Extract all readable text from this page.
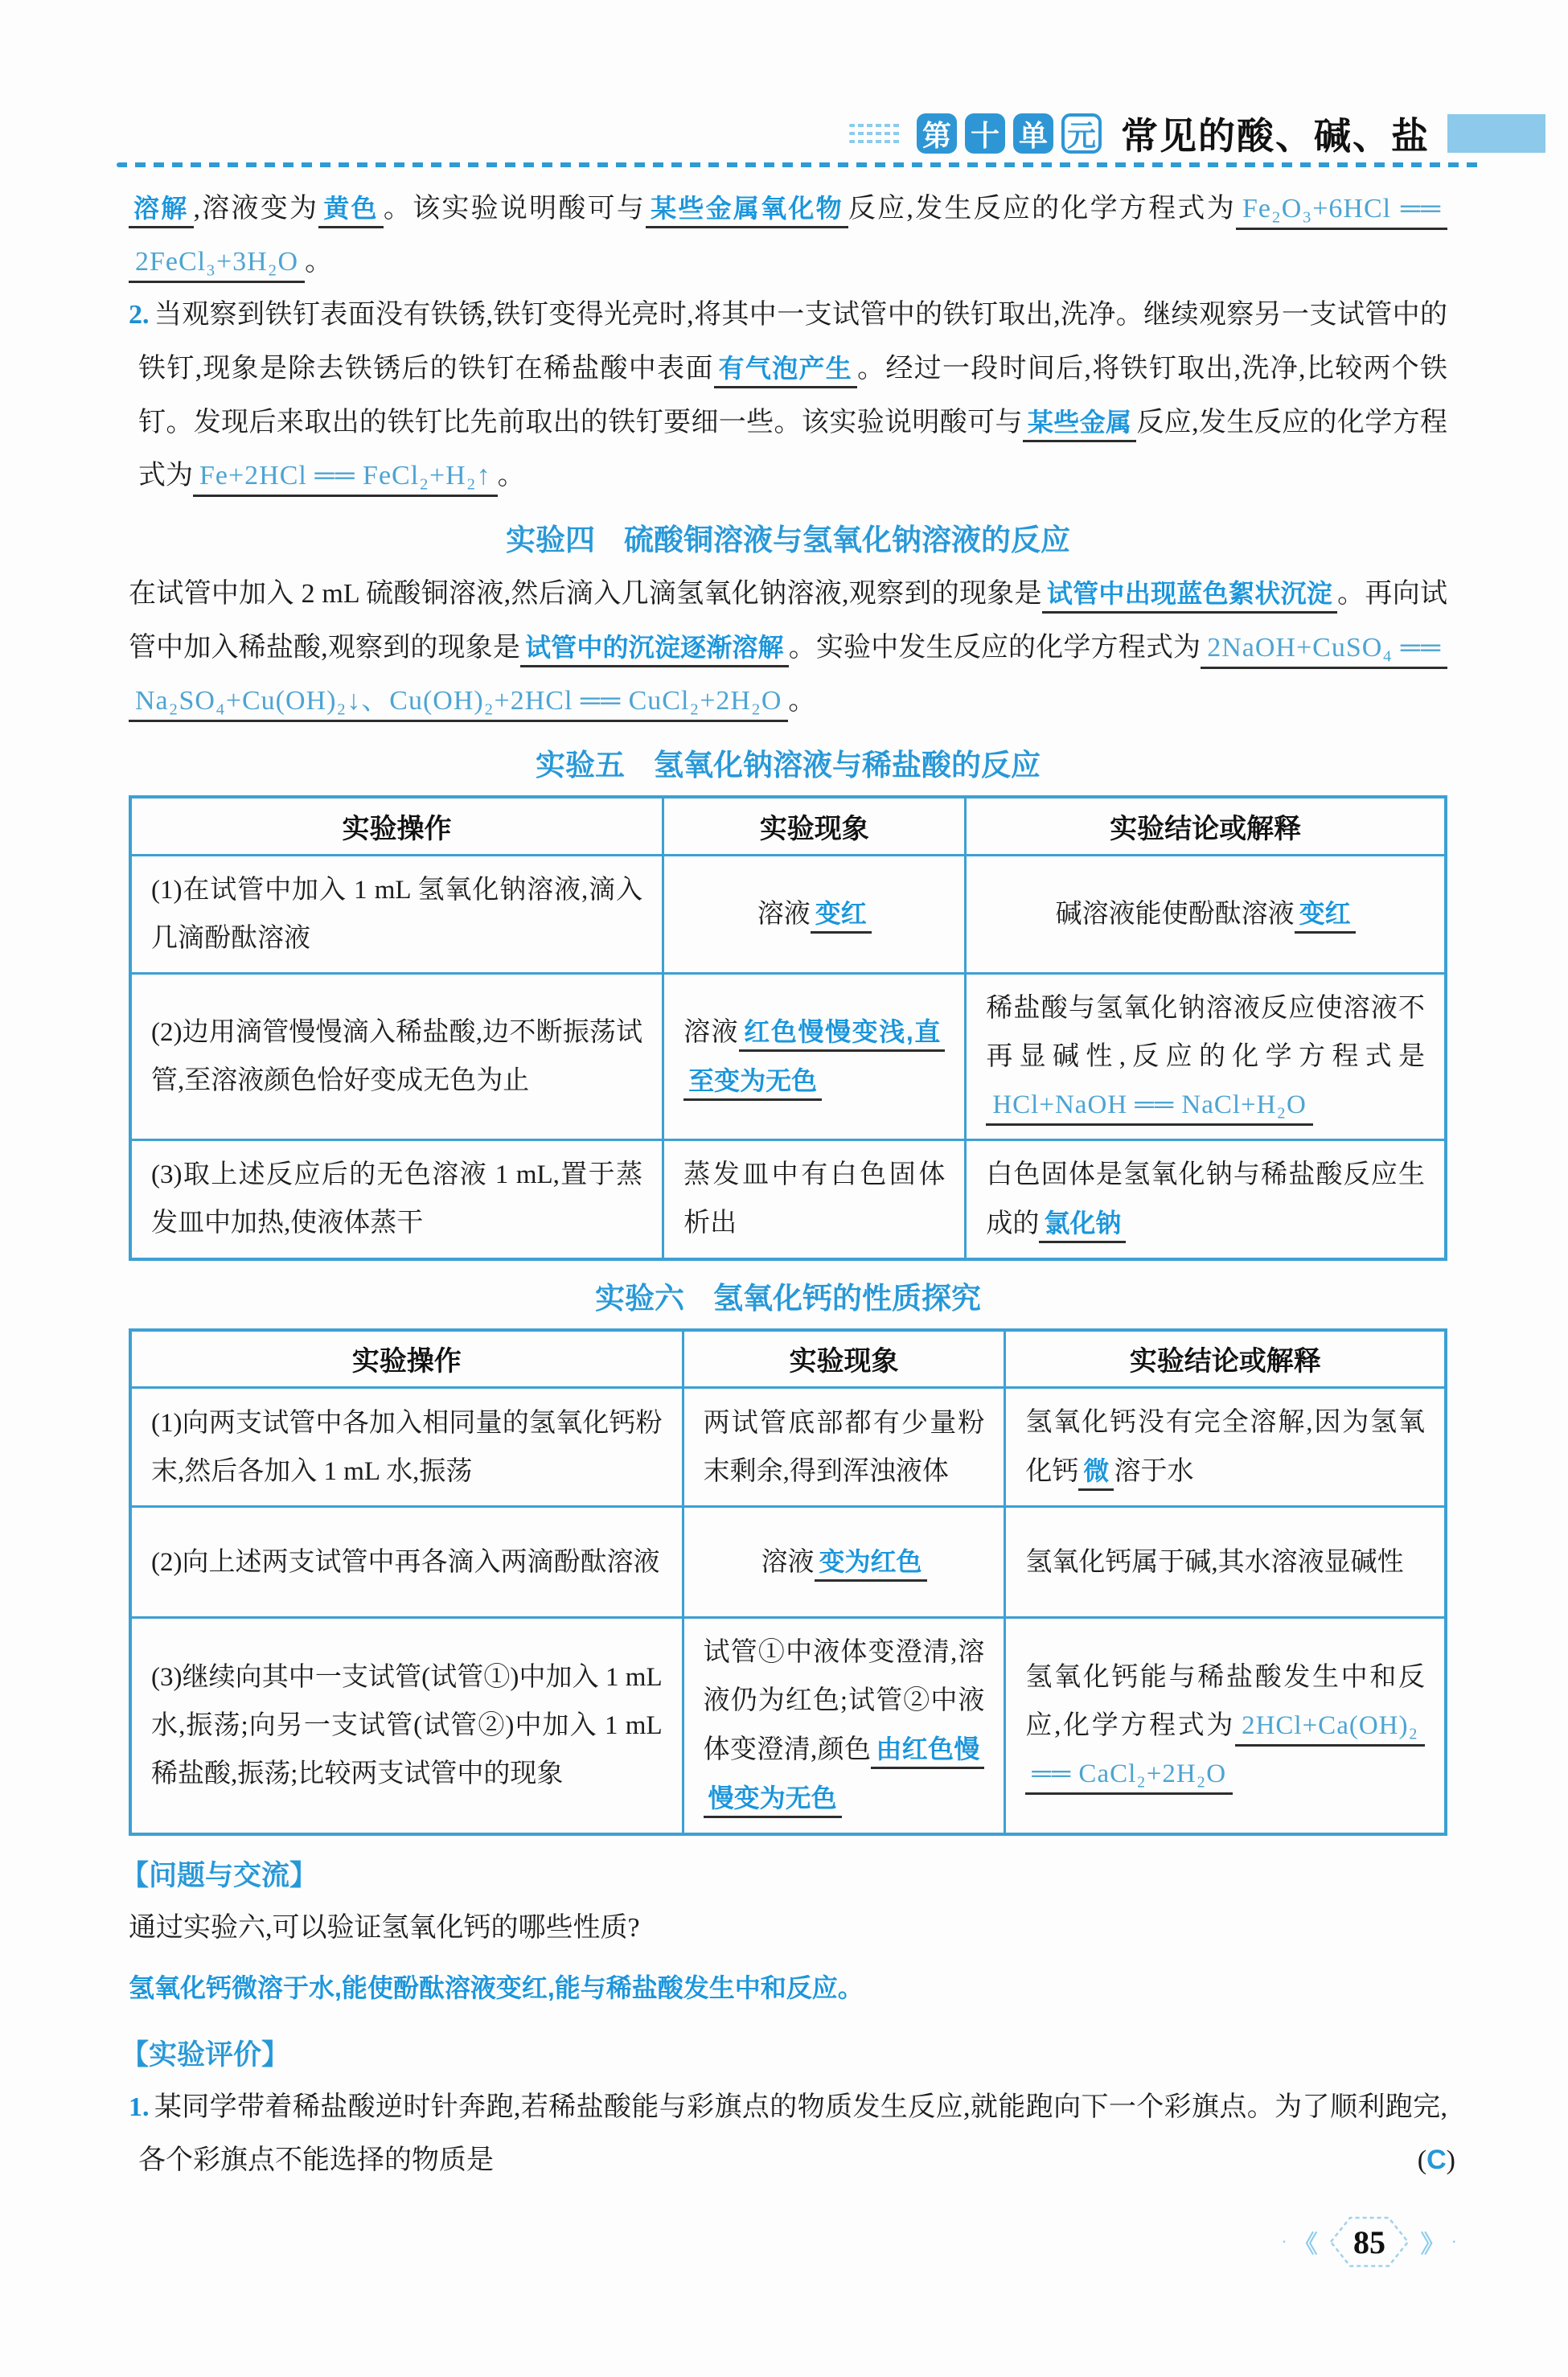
第 十 单 元 常见的酸、碱、盐

溶解 ,溶液变为 黄色 。该实验说明酸可与 某些金属氧化物 反应,发生反应的化学方程式为 Fe₂O₃+6HCl ══ 2FeCl₃+3H₂O 。

2. 当观察到铁钉表面没有铁锈,铁钉变得光亮时,将其中一支试管中的铁钉取出,洗净。继续观察另一支试管中的铁钉,现象是除去铁锈后的铁钉在稀盐酸中表面 有气泡产生 。经过一段时间后,将铁钉取出,洗净,比较两个铁钉。发现后来取出的铁钉比先前取出的铁钉要细一些。该实验说明酸可与 某些金属 反应,发生反应的化学方程式为 Fe+2HCl ══ FeCl₂+H₂↑ 。

实验四 硫酸铜溶液与氢氧化钠溶液的反应

在试管中加入 2 mL 硫酸铜溶液,然后滴入几滴氢氧化钠溶液,观察到的现象是 试管中出现蓝色絮状沉淀 。再向试管中加入稀盐酸,观察到的现象是 试管中的沉淀逐渐溶解 。实验中发生反应的化学方程式为 2NaOH+CuSO₄ ══ Na₂SO₄+Cu(OH)₂↓、Cu(OH)₂+2HCl ══ CuCl₂+2H₂O 。

实验五 氢氧化钠溶液与稀盐酸的反应
实验操作	实验现象	实验结论或解释
(1)在试管中加入 1 mL 氢氧化钠溶液,滴入几滴酚酞溶液	溶液 变红	碱溶液能使酚酞溶液 变红
(2)边用滴管慢慢滴入稀盐酸,边不断振荡试管,至溶液颜色恰好变成无色为止	溶液 红色慢慢变浅,直至变为无色	稀盐酸与氢氧化钠溶液反应使溶液不再显碱性,反应的化学方程式是HCl+NaOH ══ NaCl+H₂O
(3)取上述反应后的无色溶液 1 mL,置于蒸发皿中加热,使液体蒸干	蒸发皿中有白色固体析出	白色固体是氢氧化钠与稀盐酸反应生成的 氯化钠
实验六 氢氧化钙的性质探究
实验操作	实验现象	实验结论或解释
(1)向两支试管中各加入相同量的氢氧化钙粉末,然后各加入 1 mL 水,振荡	两试管底部都有少量粉末剩余,得到浑浊液体	氢氧化钙没有完全溶解,因为氢氧化钙 微 溶于水
(2)向上述两支试管中再各滴入两滴酚酞溶液	溶液 变为红色	氢氧化钙属于碱,其水溶液显碱性
(3)继续向其中一支试管(试管①)中加入 1 mL 水,振荡;向另一支试管(试管②)中加入 1 mL 稀盐酸,振荡;比较两支试管中的现象	试管①中液体变澄清,溶液仍为红色;试管②中液体变澄清,颜色 由红色慢慢变为无色	氢氧化钙能与稀盐酸发生中和反应,化学方程式为 2HCl+Ca(OH)₂ ══ CaCl₂+2H₂O
【问题与交流】

通过实验六,可以验证氢氧化钙的哪些性质?

氢氧化钙微溶于水,能使酚酞溶液变红,能与稀盐酸发生中和反应。

【实验评价】

1. 某同学带着稀盐酸逆时针奔跑,若稀盐酸能与彩旗点的物质发生反应,就能跑向下一个彩旗点。为了顺利跑完,各个彩旗点不能选择的物质是	(C)

· 《 85 》 ·
